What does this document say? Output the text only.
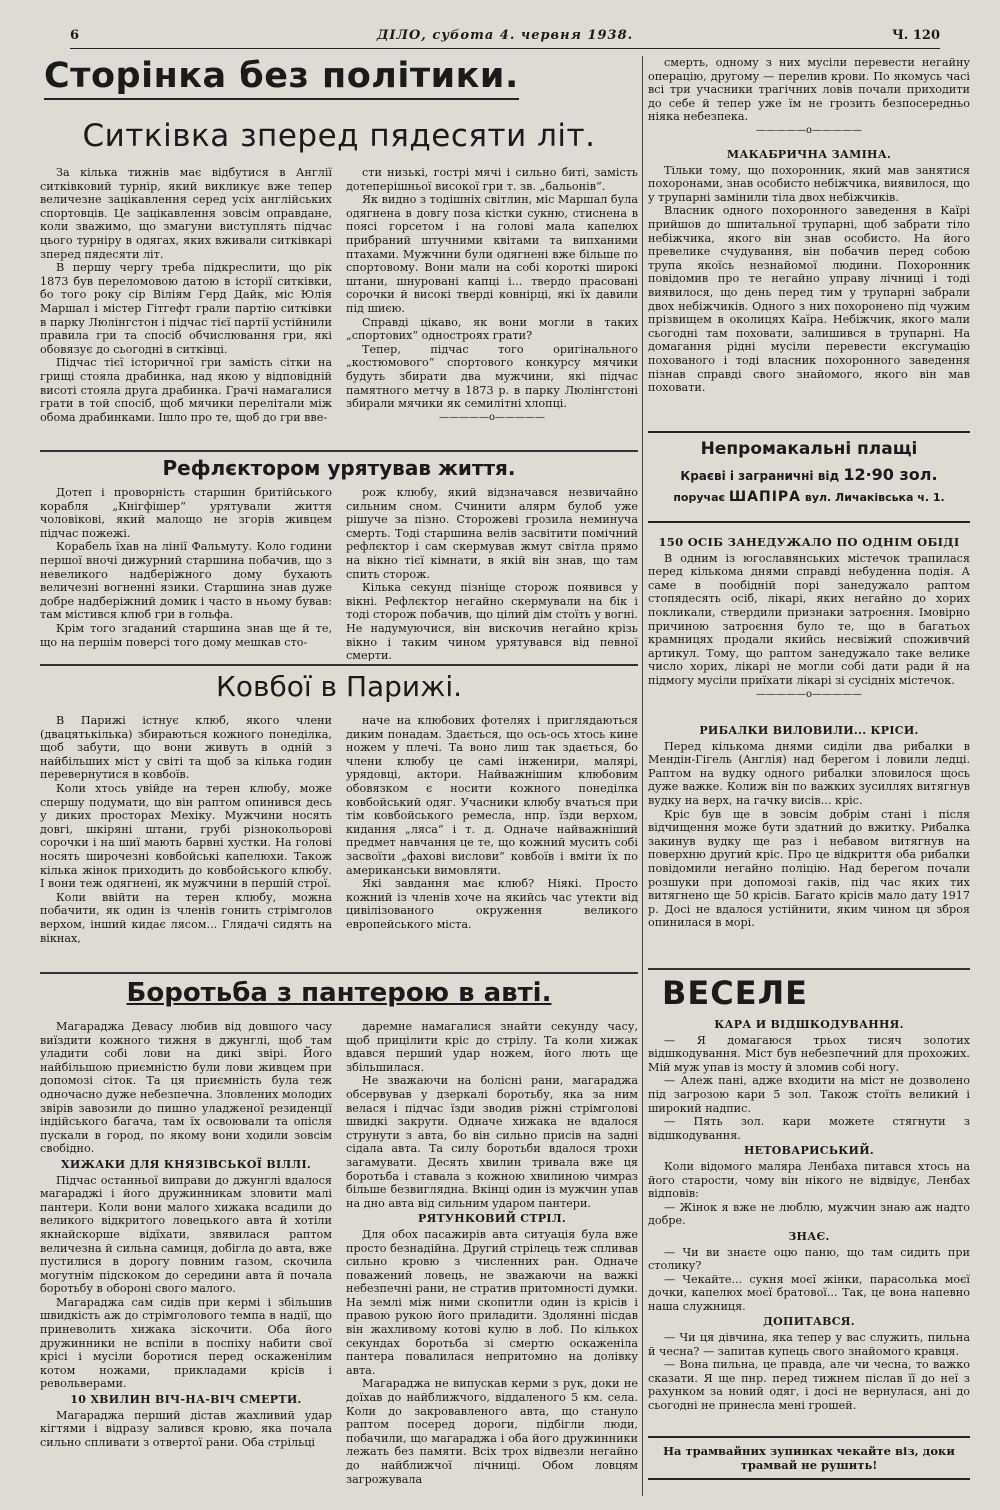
6	ДІЛО, субота 4. червня 1938.	Ч. 120
Сторінка без політики.
Ситківка зперед пядесяти літ.

За кілька тижнів має відбутися в Англії ситківковий турнір, який викликує вже тепер величезне зацікавлення серед усіх англійських спортовців. Це зацікавлення зовсім оправдане, коли зважимо, що змагуни виступлять підчас цього турніру в одягах, яких вживали ситківкарі зперед пядесяти літ.

В першу чергу треба підкреслити, що рік 1873 був переломовою датою в історії ситківки, бо того року сір Віліям Герд Дайк, міс Юлія Маршал і містер Гітгефт грали партію ситківки в парку Люлінгстон і підчас тієї партії устійнили правила гри та спосіб обчислювання гри, які обовязує до сьогодні в ситківці.

Підчас тієї історичної гри замість сітки на грищі стояла драбинка, над якою у відповідній висоті стояла друга драбинка. Грачі намагалися грати в той спосіб, щоб мячики перелітали між обома драбинками. Ішло про те, щоб до гри вве-

сти низькі, гострі мячі і сильно биті, замість дотеперішньої високої гри т. зв. „бальонів“.

Як видно з тодішніх світлин, міс Маршал була одягнена в довгу поза кістки сукню, стиснена в поясі горсетом і на голові мала капелюх прибраний штучними квітами та випханими птахами. Мужчини були одягнені вже більше по спортовому. Вони мали на собі короткі широкі штани, шнуровані капці і... твердо прасовані сорочки й високі тверді ковнірці, які їх давили під шиєю.

Справді цікаво, як вони могли в таких „спортових“ одностроях грати?

Тепер, підчас того оригінального „костюмового“ спортового конкурсу мячики будуть збирати два мужчини, які підчас памятного метчу в 1873 р. в парку Люлінгстоні збирали мячики як семилітні хлопці.

—————o—————
Рефлєктором урятував життя.

Дотеп і проворність старшин бритійського корабля „Кнігфішер“ урятували життя чоловікові, який малощо не згорів живцем підчас пожежі.

Корабель їхав на лінії Фальмуту. Коло години першої вночі дижурний старшина побачив, що з невеликого надберіжного дому бухають величезні вогненні язики. Старшина знав дуже добре надберіжний домик і часто в ньому бував: там містився клюб гри в гольфа.

Крім того згаданий старшина знав ще й те, що на першім поверсі того дому мешкав сто-

рож клюбу, який відзначався незвичайно сильним сном. Счинити аляpм булоб уже рішуче за пізно. Сторожеві грозила неминуча смерть. Тоді старшина велів засвітити помічний рефлєктор і сам скермував жмут світла прямо на вікно тієї кімнати, в якій він знав, що там спить сторож.

Кілька секунд пізніще сторож появився у вікні. Рефлєктор негайно скермували на бік і тоді сторож побачив, що цілий дім стоїть у вогні. Не надумуючися, він вискочив негайно крізь вікно і таким чином урятувався від певної смерти.

Ковбої в Парижі.

В Парижі істнує клюб, якого члени (двацятькілька) збираються кожного понеділка, щоб забути, що вони живуть в одній з найбільших міст у світі та щоб за кілька годин перевернутися в ковбоїв.

Коли хтось увійде на терен клюбу, може спершу подумати, що він раптом опинився десь у диких просторах Мехіку. Мужчини носять довгі, шкіряні штани, грубі різнокольорові сорочки і на шиї мають барвні хустки. На голові носять широчезні ковбойські капелюхи. Також кілька жінок приходить до ковбойського клюбу. І вони теж одягнені, як мужчини в першій строї.

Коли ввійти на терен клюбу, можна побачити, як один із членів гонить стрімголов верхом, інший кидає лясом... Глядачі сидять на вікнах,

наче на клюбових фотелях і приглядаються диким понадам. Здається, що ось-ось хтось кине ножем у плечі. Та воно лиш так здається, бо члени клюбу це самі інженири, малярі, урядовці, актори. Найважнішим клюбовим обовязком є носити кожного понеділка ковбойський одяг. Учасники клюбу вчаться при тім ковбойського ремесла, нпр. їзди верхом, кидання „ляса“ і т. д. Одначе найважніший предмет навчання це те, що кожний мусить собі засвоїти „фахові вислови“ ковбоїв і вміти їх по американськи вимовляти.

Які завдання має клюб? Ніякі. Просто кожний із членів хоче на якийсь час утекти від цивілізованого окруження великого европейського міста.

Боротьба з пантерою в авті.

Магараджа Девасу любив від довшого часу виїздити кожного тижня в джунглі, щоб там уладити собі лови на дикі звірі. Його найбільшою приємністю були лови живцем при допомозі сіток. Та ця приємність була теж одночасно дуже небезпечна. Зловлених молодих звірів завозили до пишно уладженої резиденції індійського багача, там їх освоювали та опісля пускали в город, по якому вони ходили зовсім свобідно.

ХИЖАКИ ДЛЯ КНЯЗІВСЬКОЇ ВІЛЛІ.

Підчас останньої виправи до джунглі вдалося магараджі і його дружинникам зловити малі пантери. Коли вони малого хижака всадили до великого відкритого ловецького авта й хотіли якнайскорше відїхати, звявилася раптом величезна й сильна самиця, добігла до авта, вже пустилися в дорогу повним газом, скочила могутнім підскоком до середини авта й почала боротьбу в обороні свого малого.

Магараджа сам сидів при кермі і збільшив швидкість аж до стрімголового темпа в надії, що приневолить хижака зіскочити. Оба його дружинники не вспіли в поспіху набити свої крісі і мусіли боротися перед оскаженілим котом ножами, прикладами крісів і револьверами.

10 ХВИЛИН ВІЧ-НА-ВІЧ СМЕРТИ.

Магараджа перший дістав жахливий удар кігтями і відразу залився кровю, яка почала сильно спливати з отвертої рани. Оба стрільці

даремне намагалися знайти секунду часу, щоб прицілити кріс до стрілу. Та коли хижак вдався перший удар ножем, його лють ще збільшилася.

Не зважаючи на болісні рани, магараджа обсервував у дзеркалі боротьбу, яка за ним велася і підчас їзди зводив ріжні стрімголові швидкі закрути. Одначе хижака не вдалося струнути з авта, бо він сильно присів на задні сідала авта. Та силу боротьби вдалося трохи загамувати. Десять хвилин тривала вже ця боротьба і ставала з кожною хвилиною чимраз більше безвиглядна. Вкінці один із мужчин упав на дно авта від сильним ударом пантери.

РЯТУНКОВИЙ СТРІЛ.

Для обох пасажирів авта ситуація була вже просто безнадійна. Другий стрілець теж спливав сильно кровю з численних ран. Одначе поважений ловець, не зважаючи на важкі небезпечні рани, не стратив притомності думки. На землі між ними скопитли один із крісів і правою рукою його приладити. Здолянні пісдав він жахливому котові кулю в лоб. По кількох секундах боротьба зі смертю оскаженіла пантера повалилася непритомно на долівку авта.

Магараджа не випускав керми з рук, доки не доїхав до найближчого, віддаленого 5 км. села. Коли до закровавленого авта, що станулo раптом посеред дороги, підбігли люди, побачили, що магараджа і оба його дружинники лежать без памяти. Всіх трох відвезли негайно до найближчої лічниці. Обом ловцям загрожувала

смерть, одному з них мусіли перевести негайну операцію, другому — перелив крови. По якомусь часі всі три учасники трагічних ловів почали приходити до себе й тепер уже їм не грозить безпосередньо ніяка небезпека.

—————o—————
МАКАБРИЧНА ЗАМІНА.

Тільки тому, що похоронник, який мав занятися похоронами, знав особисто небіжчика, виявилося, що у трупарні замінили тіла двох небіжчиків.

Власник одного похоронного заведення в Каїрі прийшов до шпитальної трупарні, щоб забрати тіло небіжчика, якого він знав особисто. На його превелике счудування, він побачив перед собою трупа якоїсь незнайомої людини. Похоронник повідомив про те негайно управу лічниці і тоді виявилося, що день перед тим у трупарні забрали двох небіжчиків. Одного з них похоронено під чужим прізвищем в околицях Каїра. Небіжчик, якого мали сьогодні там поховати, залишився в трупарні. На домагання рідні мусіли перевести ексгумацію похованого і тоді власник похоронного заведення пізнав справді свого знайомого, якого він мав поховати.

Непромакальні плащі
Краєві і заграничні від 12·90 зол.
поручає ШАПІРА вул. Личаківська ч. 1.
150 ОСІБ ЗАНЕДУЖАЛО ПО ОДНІМ ОБІДІ

В одним із югославянських містечок трапилася перед кількома днями справді небуденна подія. А саме в пообідній порі занедужало раптом стопядесять осіб, лікарі, яких негайно до хорих покликали, ствердили признаки затроєння. Імовірно причиною затроєння було те, що в багатьох крамницях продали якийсь несвіжий споживчий артикул. Тому, що раптом занедужало таке велике число хорих, лікарі не могли собі дати ради й на підмогу мусіли приїхати лікарі зі сусідніх містечок.

—————o—————
РИБАЛКИ ВИЛОВИЛИ... КРІСИ.

Перед кількома днями сиділи два рибалки в Мендін-Гігель (Англія) над берегом і ловили ледці. Раптом на вудку одного рибалки зловилося щось дуже важке. Колиж він по важких зусиллях витягнув вудку на верх, на гачку висів... кріс.

Кріс був ще в зовсім добрім стані і після відчищення може бути здатний до вжитку. Рибалка закинув вудку ще раз і небавом витягнув на поверхню другий кріс. Про це відкриття оба рибалки повідомили негайно поліцію. Над берегом почали розшуки при допомозі гаків, під час яких тих витягнено ще 50 крісів. Багато крісів мало дату 1917 р. Досі не вдалося устійнити, яким чином ця зброя опинилася в морі.

ВЕСЕЛЕ
КАРА И ВІДШКОДУВАННЯ.

— Я домагаюся трьох тисяч золотих відшкодування. Міст був небезпечний для прохожих. Мій муж упав із мосту й зломив собі ногу.

— Алеж пані, адже входити на міст не дозволено під загрозою кари 5 зол. Також стоїть великий і широкий надпис.

— Пять зол. кари можете стягнути з відшкодування.

НЕТОВАРИСЬКИЙ.

Коли відомого маляра Ленбаха питався хтось на його старости, чому він нікого не відвідує, Ленбах відповів:

— Жінок я вже не люблю, мужчин знаю аж надто добре.

ЗНАЄ.

— Чи ви знаєте оцю паню, що там сидить при столику?

— Чекайте... сукня моєї жінки, парасолька моєї дочки, капелюх моєї братової... Так, це вона напевно наша служниця.

ДОПИТАВСЯ.

— Чи ця дівчина, яка тепер у вас служить, пильна й чесна? — запитав купець свого знайомого кравця.

— Вона пильна, це правда, але чи чесна, то важко сказати. Я ще пнр. перед тижнем післав її до неї з рахунком за новий одяг, і досі не вернулася, ані до сьогодні не принесла мені грошей.

На трамвайних зупинках чекайте віз, доки трамвай не рушить!
